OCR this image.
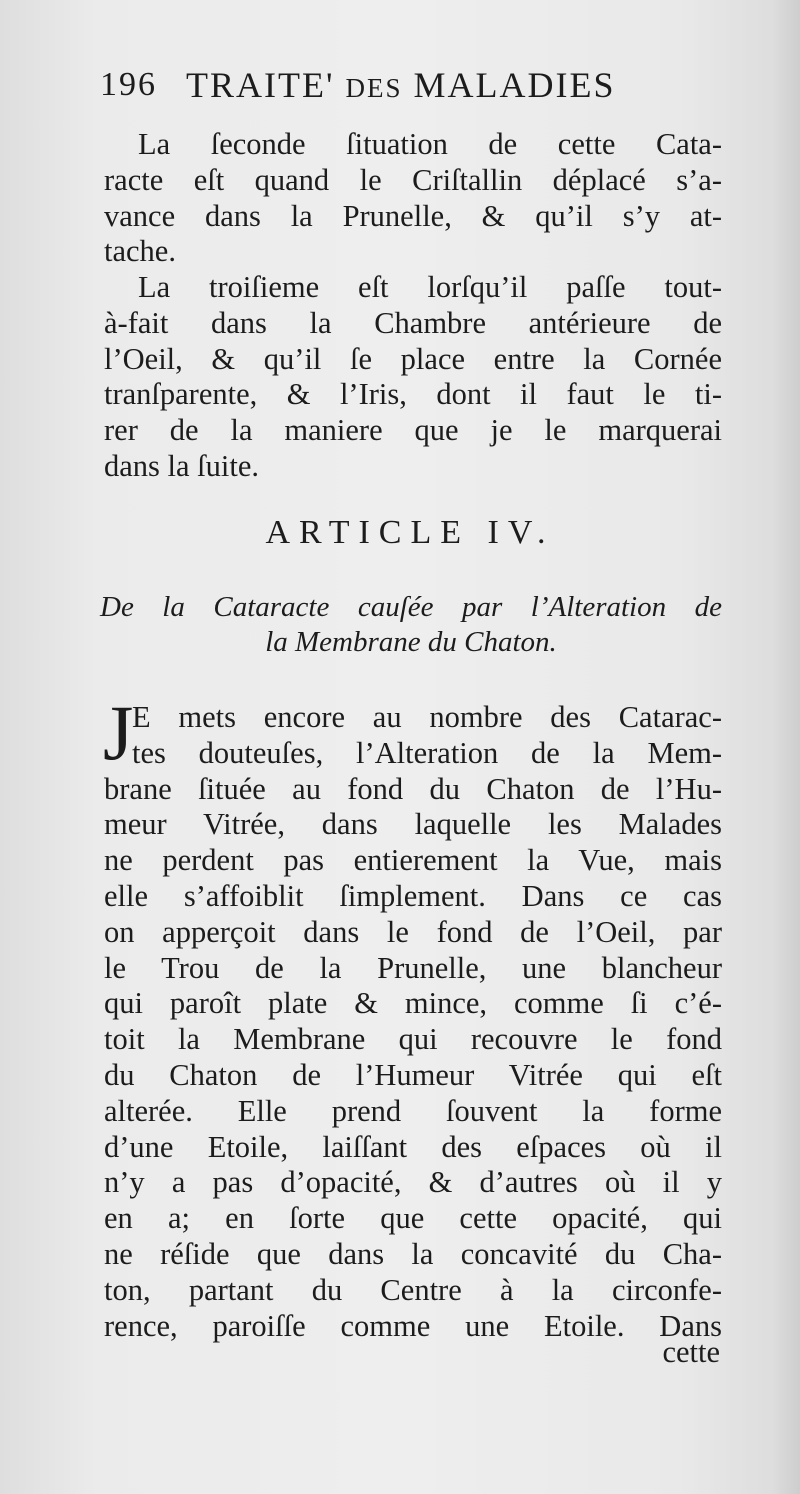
196 TRAITE' DES MALADIES
La ſeconde ſituation de cette Cata-
racte eſt quand le Criſtallin déplacé s’a-
vance dans la Prunelle, & qu’il s’y at-
tache.
La troiſieme eſt lorſqu’il paſſe tout-
à-fait dans la Chambre antérieure de
l’Oeil, & qu’il ſe place entre la Cornée
tranſparente, & l’Iris, dont il faut le ti-
rer de la maniere que je le marquerai
dans la ſuite.
ARTICLE IV.
De la Cataracte cauſée par l’Alteration de
la Membrane du Chaton.
J
E mets encore au nombre des Catarac-
tes douteuſes, l’Alteration de la Mem-
brane ſituée au fond du Chaton de l’Hu-
meur Vitrée, dans laquelle les Malades
ne perdent pas entierement la Vue, mais
elle s’affoiblit ſimplement. Dans ce cas
on apperçoit dans le fond de l’Oeil, par
le Trou de la Prunelle, une blancheur
qui paroît plate & mince, comme ſi c’é-
toit la Membrane qui recouvre le fond
du Chaton de l’Humeur Vitrée qui eſt
alterée. Elle prend ſouvent la forme
d’une Etoile, laiſſant des eſpaces où il
n’y a pas d’opacité, & d’autres où il y
en a; en ſorte que cette opacité, qui
ne réſide que dans la concavité du Cha-
ton, partant du Centre à la circonfe-
rence, paroiſſe comme une Etoile. Dans
cette
